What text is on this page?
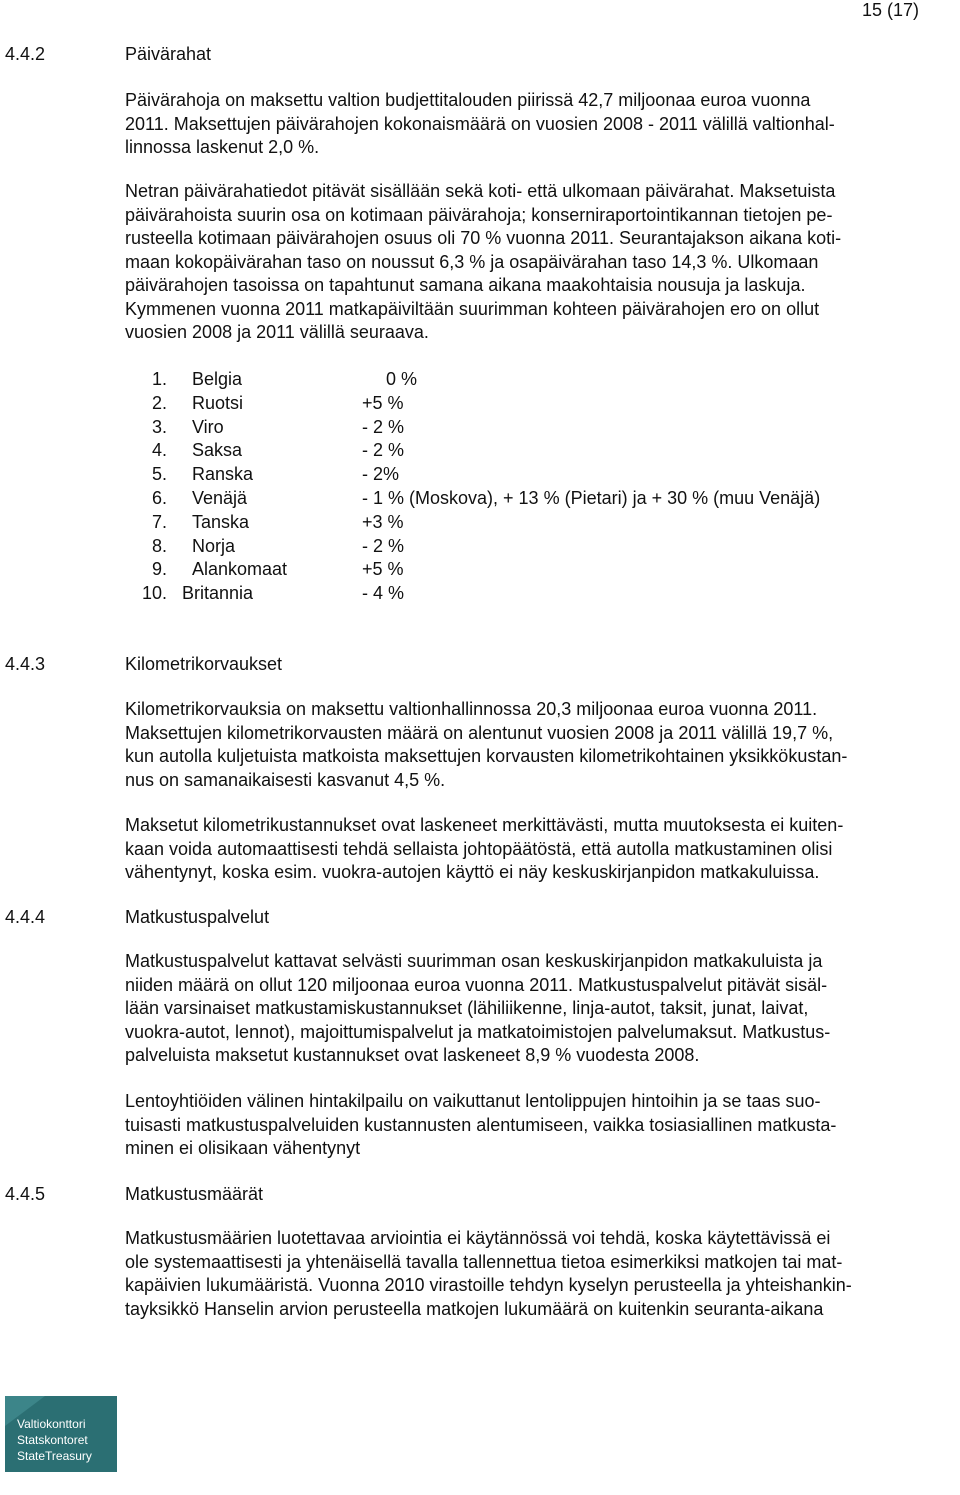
15 (17)
4.4.2	Päivärahat

Päivärahoja on maksettu valtion budjettitalouden piirissä 42,7 miljoonaa euroa vuonna

2011. Maksettujen päivärahojen kokonaismäärä on vuosien 2008 - 2011 välillä valtionhal-

linnossa laskenut 2,0 %.

Netran päivärahatiedot pitävät sisällään sekä koti- että ulkomaan päivärahat. Maksetuista

päivärahoista suurin osa on kotimaan päivärahoja; konserniraportointikannan tietojen pe-

rusteella kotimaan päivärahojen osuus oli 70 % vuonna 2011. Seurantajakson aikana koti-

maan kokopäivärahan taso on noussut 6,3 % ja osapäivärahan taso 14,3 %. Ulkomaan

päivärahojen tasoissa on tapahtunut samana aikana maakohtaisia nousuja ja laskuja.

Kymmenen vuonna 2011 matkapäiviltään suurimman kohteen päivärahojen ero on ollut

vuosien 2008 ja 2011 välillä seuraava.

1.	Belgia	0 %
2.	Ruotsi	+5 %
3.	Viro	- 2 %
4.	Saksa	- 2 %
5.	Ranska	- 2%
6.	Venäjä	- 1 % (Moskova), + 13 % (Pietari) ja + 30 % (muu Venäjä)
7.	Tanska	+3 %
8.	Norja	- 2 %
9.	Alankomaat	+5 %
10. Britannia	- 4 %
4.4.3	Kilometrikorvaukset

Kilometrikorvauksia on maksettu valtionhallinnossa 20,3 miljoonaa euroa vuonna 2011.

Maksettujen kilometrikorvausten määrä on alentunut vuosien 2008 ja 2011 välillä 19,7 %,

kun autolla kuljetuista matkoista maksettujen korvausten kilometrikohtainen yksikkökustan-

nus on samanaikaisesti kasvanut 4,5 %.

Maksetut kilometrikustannukset ovat laskeneet merkittävästi, mutta muutoksesta ei kuiten-

kaan voida automaattisesti tehdä sellaista johtopäätöstä, että autolla matkustaminen olisi

vähentynyt, koska esim. vuokra-autojen käyttö ei näy keskuskirjanpidon matkakuluissa.

4.4.4	Matkustuspalvelut

Matkustuspalvelut kattavat selvästi suurimman osan keskuskirjanpidon matkakuluista ja

niiden määrä on ollut 120 miljoonaa euroa vuonna 2011. Matkustuspalvelut pitävät sisäl-

lään varsinaiset matkustamiskustannukset (lähiliikenne, linja-autot, taksit, junat, laivat,

vuokra-autot, lennot), majoittumispalvelut ja matkatoimistojen palvelumaksut. Matkustus-

palveluista maksetut kustannukset ovat laskeneet 8,9 % vuodesta 2008.

Lentoyhtiöiden välinen hintakilpailu on vaikuttanut lentolippujen hintoihin ja se taas suo-

tuisasti matkustuspalveluiden kustannusten alentumiseen, vaikka tosiasiallinen matkusta-

minen ei olisikaan vähentynyt

4.4.5	Matkustusmäärät

Matkustusmäärien luotettavaa arviointia ei käytännössä voi tehdä, koska käytettävissä ei

ole systemaattisesti ja yhtenäisellä tavalla tallennettua tietoa esimerkiksi matkojen tai mat-

kapäivien lukumääristä. Vuonna 2010 virastoille tehdyn kyselyn perusteella ja yhteishankin-

tayksikkö Hanselin arvion perusteella matkojen lukumäärä on kuitenkin seuranta-aikana

Valtiokonttori
Statskontoret
StateTreasury
